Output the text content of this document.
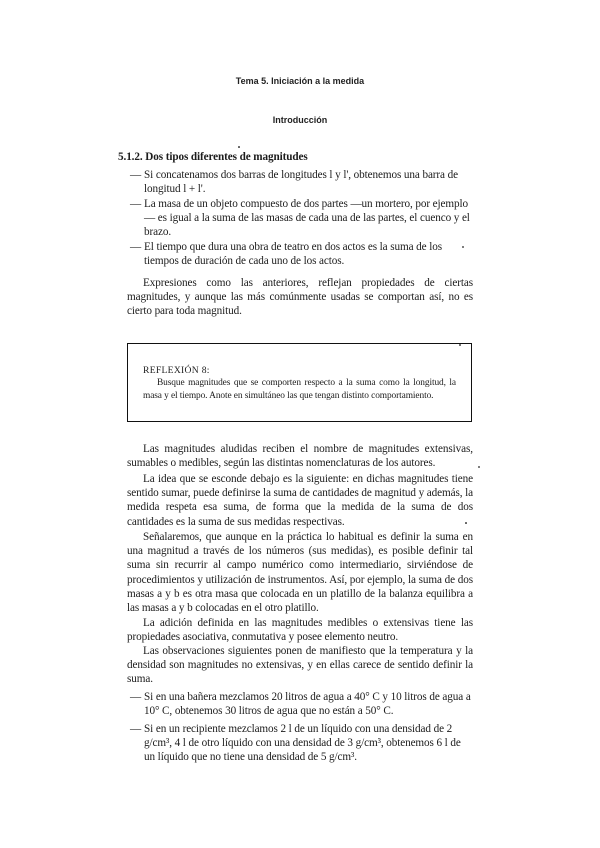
Tema 5. Iniciación a la medida
Introducción
5.1.2. Dos tipos diferentes de magnitudes
— Si concatenamos dos barras de longitudes l y l', obtenemos una barra de longitud l + l'.
— La masa de un objeto compuesto de dos partes —un mortero, por ejemplo— es igual a la suma de las masas de cada una de las partes, el cuenco y el brazo.
— El tiempo que dura una obra de teatro en dos actos es la suma de los tiempos de duración de cada uno de los actos.
Expresiones como las anteriores, reflejan propiedades de ciertas magnitudes, y aunque las más comúnmente usadas se comportan así, no es cierto para toda magnitud.
REFLEXIÓN 8:
Busque magnitudes que se comporten respecto a la suma como la longitud, la masa y el tiempo. Anote en simultáneo las que tengan distinto comportamiento.
Las magnitudes aludidas reciben el nombre de magnitudes extensivas, sumables o medibles, según las distintas nomenclaturas de los autores.
La idea que se esconde debajo es la siguiente: en dichas magnitudes tiene sentido sumar, puede definirse la suma de cantidades de magnitud y además, la medida respeta esa suma, de forma que la medida de la suma de dos cantidades es la suma de sus medidas respectivas.
Señalaremos, que aunque en la práctica lo habitual es definir la suma en una magnitud a través de los números (sus medidas), es posible definir tal suma sin recurrir al campo numérico como intermediario, sirviéndose de procedimientos y utilización de instrumentos. Así, por ejemplo, la suma de dos masas a y b es otra masa que colocada en un platillo de la balanza equilibra a las masas a y b colocadas en el otro platillo.
La adición definida en las magnitudes medibles o extensivas tiene las propiedades asociativa, conmutativa y posee elemento neutro.
Las observaciones siguientes ponen de manifiesto que la temperatura y la densidad son magnitudes no extensivas, y en ellas carece de sentido definir la suma.
— Si en una bañera mezclamos 20 litros de agua a 40° C y 10 litros de agua a 10° C, obtenemos 30 litros de agua que no están a 50° C.
— Si en un recipiente mezclamos 2 l de un líquido con una densidad de 2 g/cm³, 4 l de otro líquido con una densidad de 3 g/cm³, obtenemos 6 l de un líquido que no tiene una densidad de 5 g/cm³.
